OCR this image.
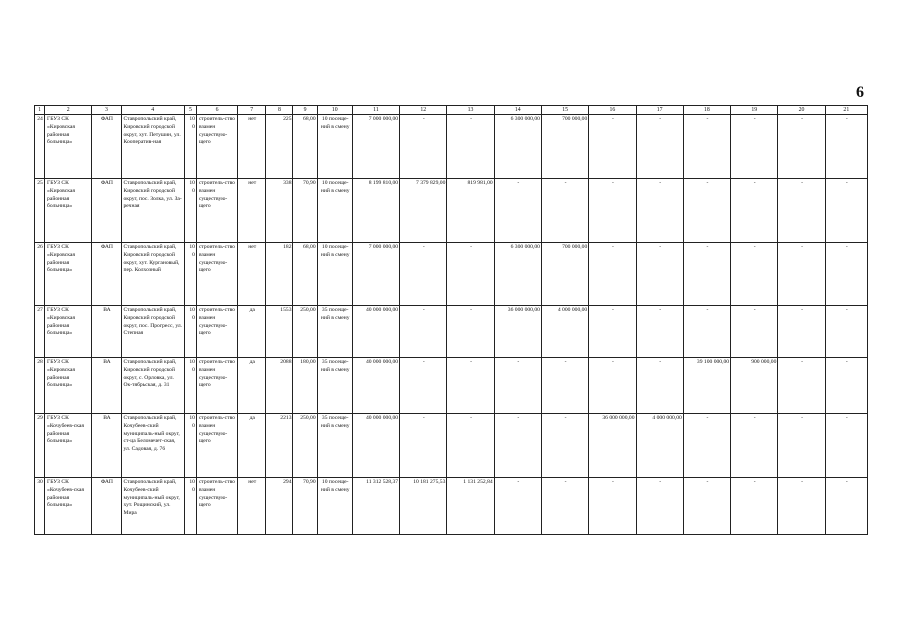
6
1	2	3	4	5	6	7	8	9	10	11	12	13	14	15	16	17	18	19	20	21
24	ГБУЗ СК «Кировская районная больница»	ФАП	Ставропольский край, Кировский городской округ, хут. Петушин, ул. Кооператив-ная	100	строитель-ство взамен существую-щего	нет	225	68,00	10 посеще-ний в смену	7 000 000,00	-	-	6 300 000,00	700 000,00	-	-	-	-	-	-
25	ГБУЗ СК «Кировская районная больница»	ФАП	Ставропольский край, Кировский городской округ, пос. Золка, ул. За-речная	100	строитель-ство взамен существую-щего	нет	338	70,90	10 посеще-ний в смену	8 199 810,00	7 379 829,00	819 981,00	-	-	-	-	-	-	-	-
26	ГБУЗ СК «Кировская районная больница»	ФАП	Ставропольский край, Кировский городской округ, хут. Кургановый, пер. Колхозный	100	строитель-ство взамен существую-щего	нет	182	68,00	10 посеще-ний в смену	7 000 000,00	-	-	6 300 000,00	700 000,00	-	-	-	-	-	-
27	ГБУЗ СК «Кировская районная больница»	ВА	Ставропольский край, Кировский городской округ, пос. Прогресс, ул. Степная	100	строитель-ство взамен существую-щего	да	1553	250,00	35 посеще-ний в смену	40 000 000,00	-	-	36 000 000,00	4 000 000,00	-	-	-	-	-	-
28	ГБУЗ СК «Кировская районная больница»	ВА	Ставропольский край, Кировский городской округ, с. Орловка, ул. Ок-тябрьская, д. 31	100	строитель-ство взамен существую-щего	да	2088	180,00	35 посеще-ний в смену	40 000 000,00	-	-	-	-	-	-	39 100 000,00	900 000,00	-	-
29	ГБУЗ СК «Кочубеев-ская районная больница»	ВА	Ставропольский край, Кочубеев-ский муниципаль-ный округ, ст-ца Беломечет-ская, ул. Садовая, д. 76	100	строитель-ство взамен существую-щего	да	2213	250,00	35 посеще-ний в смену	40 000 000,00	-	-	-	-	36 000 000,00	4 000 000,00	-	-	-	-
30	ГБУЗ СК «Кочубеев-ская районная больница»	ФАП	Ставропольский край, Кочубеев-ский муниципаль-ный округ, хут. Рощинский, ул. Мира	100	строитель-ство взамен существую-щего	нет	294	70,90	10 посеще-ний в смену	11 312 528,37	10 181 275,53	1 131 252,84	-	-	-	-	-	-	-	-
